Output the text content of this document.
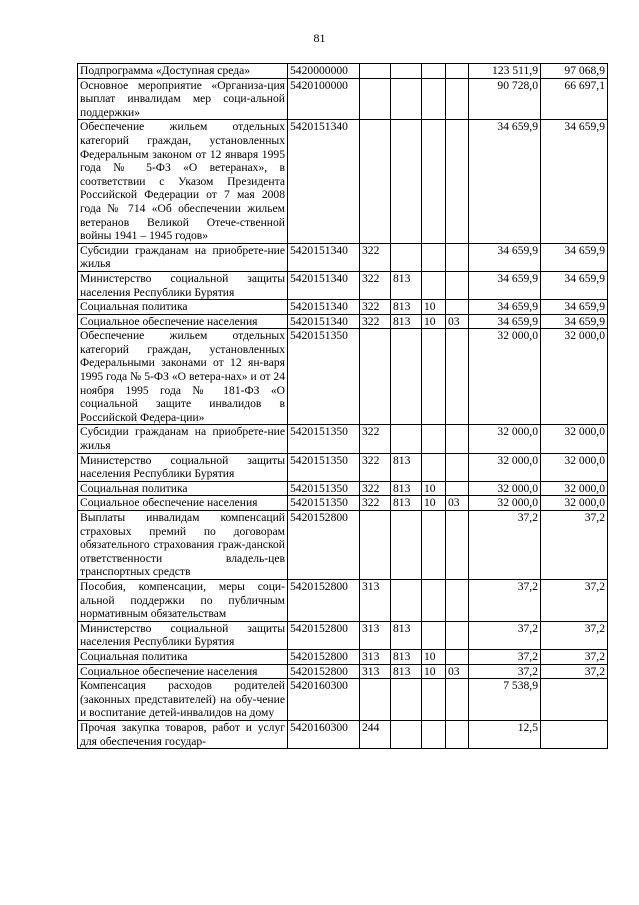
81
Подпрограмма «Доступная среда»	5420000000					123 511,9	97 068,9
Основное мероприятие «Организа-ция выплат инвалидам мер соци-альной поддержки»	5420100000					90 728,0	66 697,1
Обеспечение жильем отдельных категорий граждан, установленных Федеральным законом от 12 января 1995 года № 5-ФЗ «О ветеранах», в соответствии с Указом Президента Российской Федерации от 7 мая 2008 года № 714 «Об обеспечении жильем ветеранов Великой Отече-ственной войны 1941 – 1945 годов»	5420151340					34 659,9	34 659,9
Субсидии гражданам на приобрете-ние жилья	5420151340	322				34 659,9	34 659,9
Министерство социальной защиты населения Республики Бурятия	5420151340	322	813			34 659,9	34 659,9
Социальная политика	5420151340	322	813	10		34 659,9	34 659,9
Социальное обеспечение населения	5420151340	322	813	10	03	34 659,9	34 659,9
Обеспечение жильем отдельных категорий граждан, установленных Федеральными законами от 12 ян-варя 1995 года № 5-ФЗ «О ветера-нах» и от 24 ноября 1995 года № 181-ФЗ «О социальной защите инвалидов в Российской Федера-ции»	5420151350					32 000,0	32 000,0
Субсидии гражданам на приобрете-ние жилья	5420151350	322				32 000,0	32 000,0
Министерство социальной защиты населения Республики Бурятия	5420151350	322	813			32 000,0	32 000,0
Социальная политика	5420151350	322	813	10		32 000,0	32 000,0
Социальное обеспечение населения	5420151350	322	813	10	03	32 000,0	32 000,0
Выплаты инвалидам компенсаций страховых премий по договорам обязательного страхования граж-данской ответственности владель-цев транспортных средств	5420152800					37,2	37,2
Пособия, компенсации, меры соци-альной поддержки по публичным нормативным обязательствам	5420152800	313				37,2	37,2
Министерство социальной защиты населения Республики Бурятия	5420152800	313	813			37,2	37,2
Социальная политика	5420152800	313	813	10		37,2	37,2
Социальное обеспечение населения	5420152800	313	813	10	03	37,2	37,2
Компенсация расходов родителей (законных представителей) на обу-чение и воспитание детей-инвалидов на дому	5420160300					7 538,9	
Прочая закупка товаров, работ и услуг для обеспечения государ-	5420160300	244				12,5	
